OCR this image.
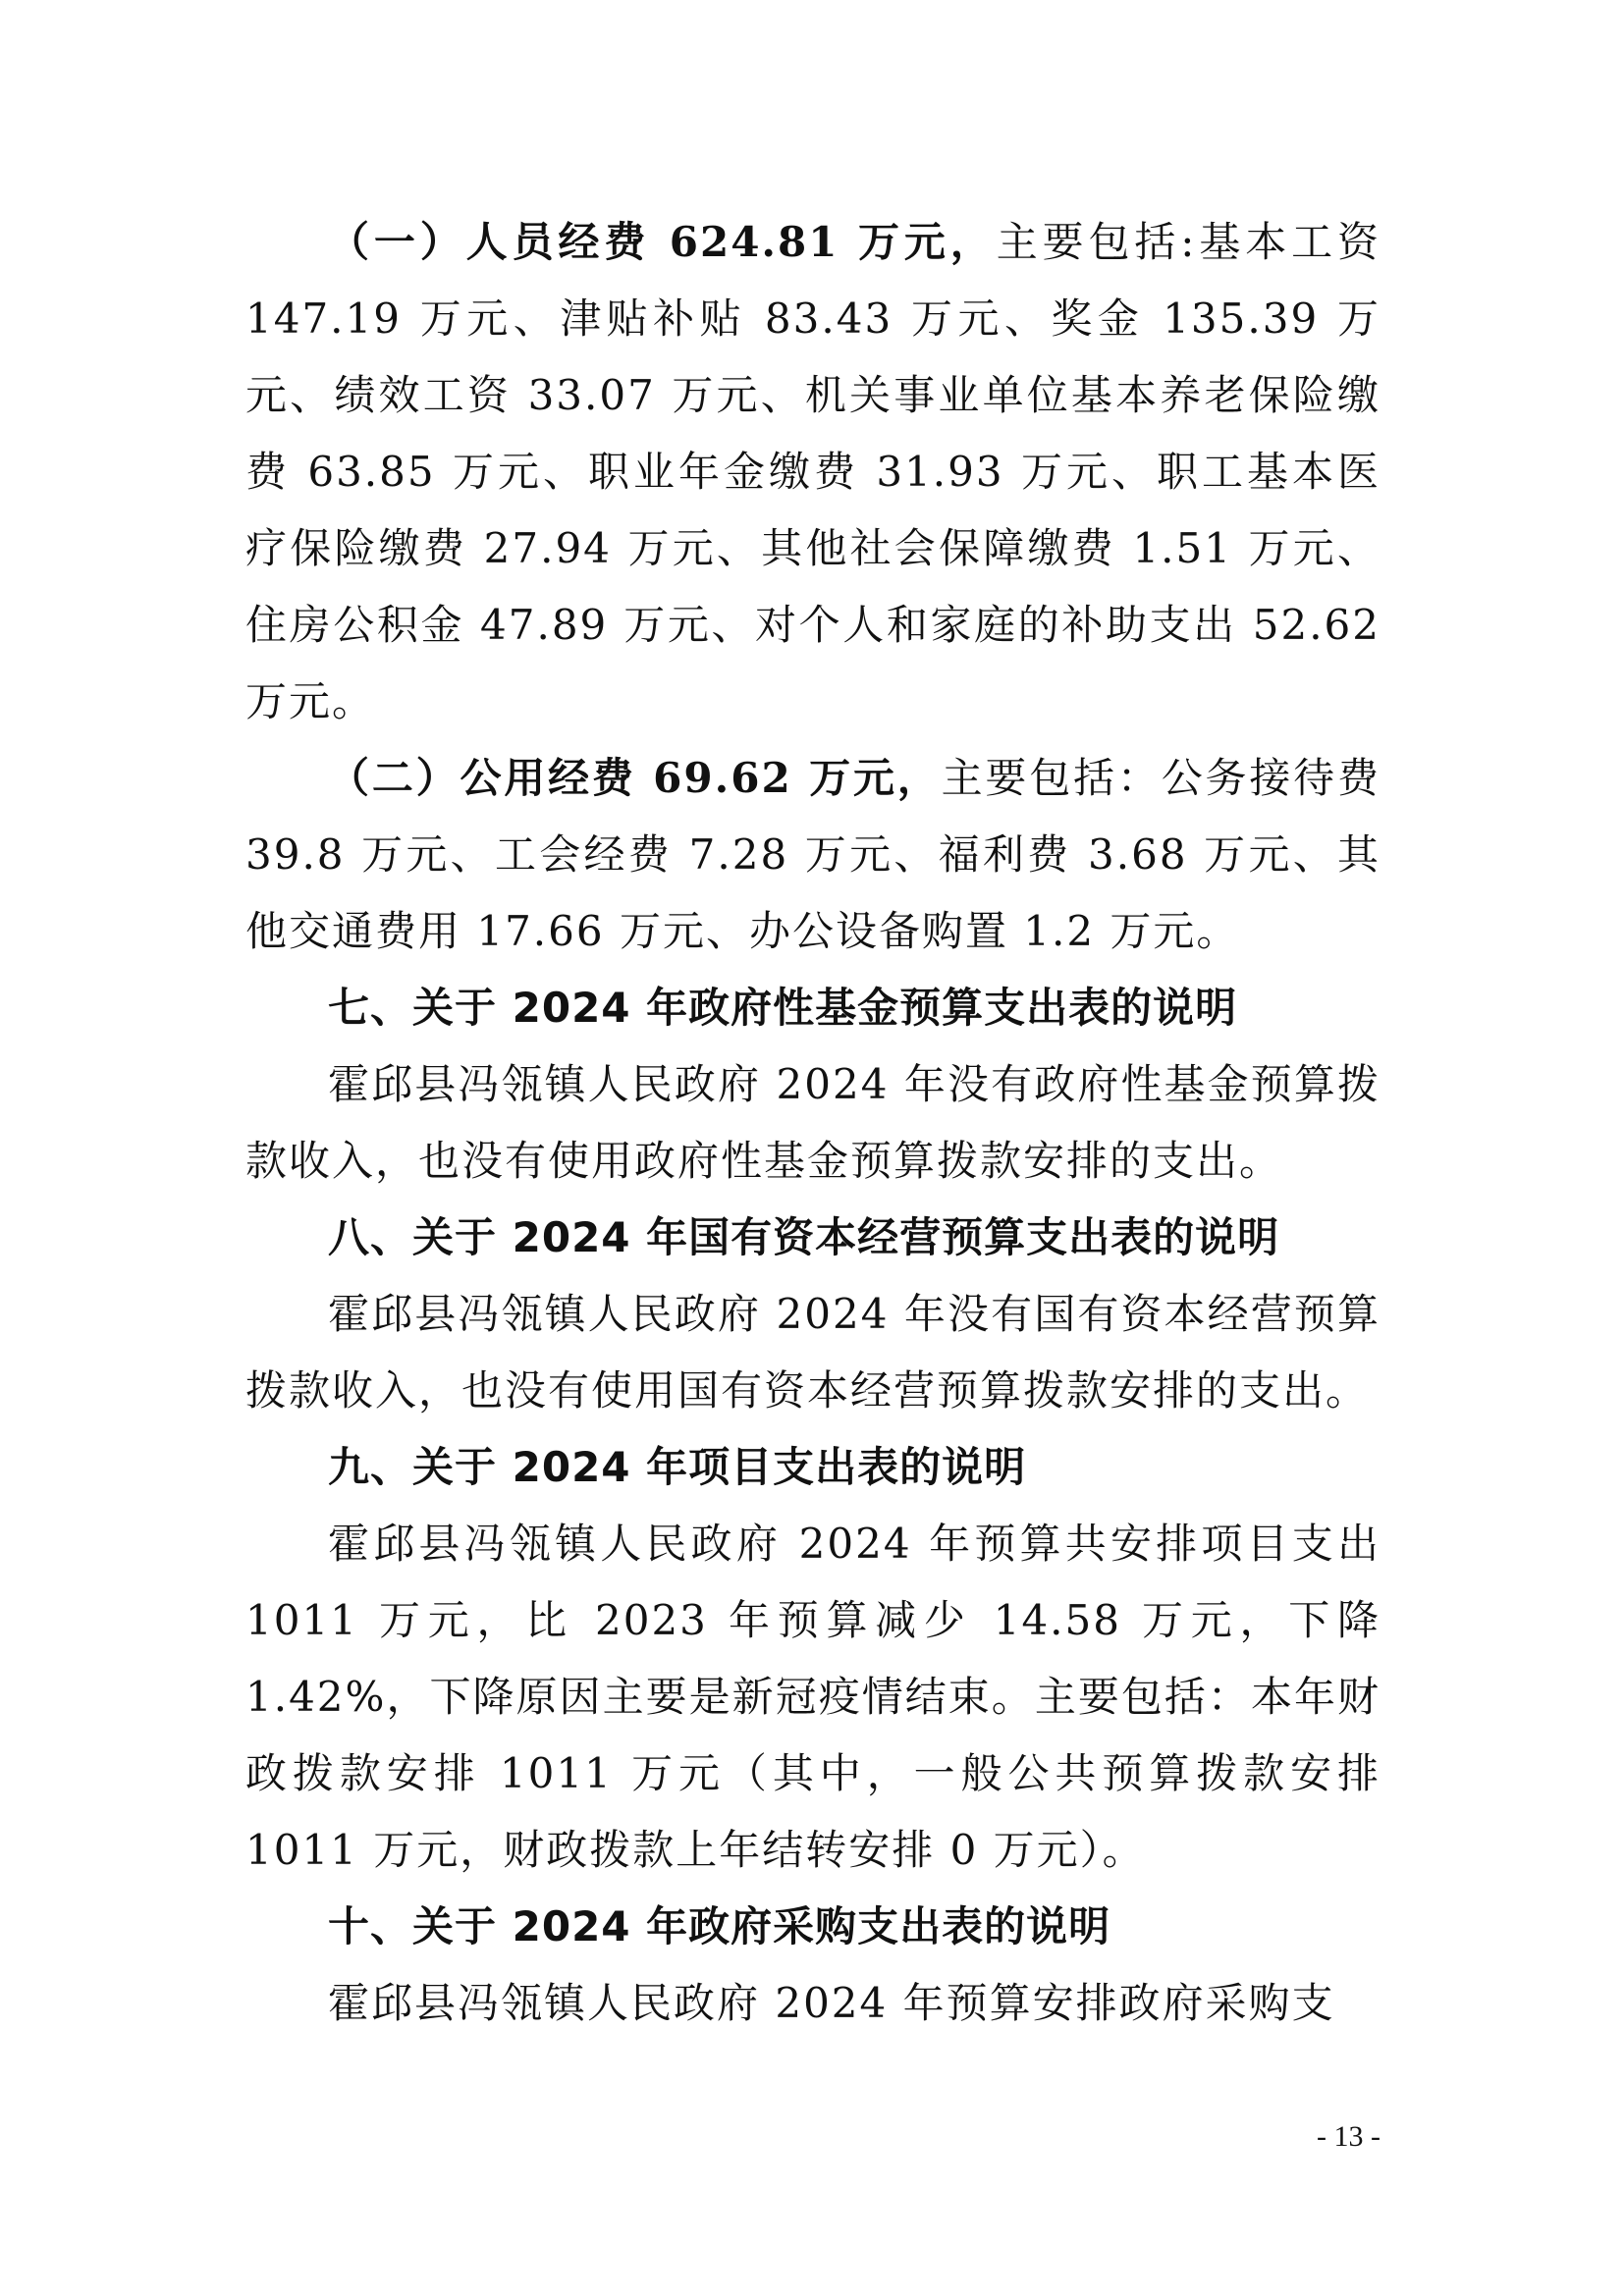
（一）人员经费 624.81 万元，主要包括:基本工资 147.19 万元、津贴补贴 83.43 万元、奖金 135.39 万元、绩效工资 33.07 万元、机关事业单位基本养老保险缴费 63.85 万元、职业年金缴费 31.93 万元、职工基本医疗保险缴费 27.94 万元、其他社会保障缴费 1.51 万元、住房公积金 47.89 万元、对个人和家庭的补助支出 52.62 万元。

（二）公用经费 69.62 万元，主要包括：公务接待费 39.8 万元、工会经费 7.28 万元、福利费 3.68 万元、其他交通费用 17.66 万元、办公设备购置 1.2 万元。

七、关于 2024 年政府性基金预算支出表的说明

霍邱县冯瓴镇人民政府 2024 年没有政府性基金预算拨款收入，也没有使用政府性基金预算拨款安排的支出。

八、关于 2024 年国有资本经营预算支出表的说明

霍邱县冯瓴镇人民政府 2024 年没有国有资本经营预算拨款收入，也没有使用国有资本经营预算拨款安排的支出。

九、关于 2024 年项目支出表的说明

霍邱县冯瓴镇人民政府 2024 年预算共安排项目支出 1011 万元，比 2023 年预算减少 14.58 万元，下降 1.42%，下降原因主要是新冠疫情结束。主要包括：本年财政拨款安排 1011 万元（其中，一般公共预算拨款安排 1011 万元，财政拨款上年结转安排 0 万元）。

十、关于 2024 年政府采购支出表的说明

霍邱县冯瓴镇人民政府 2024 年预算安排政府采购支

- 13 -
